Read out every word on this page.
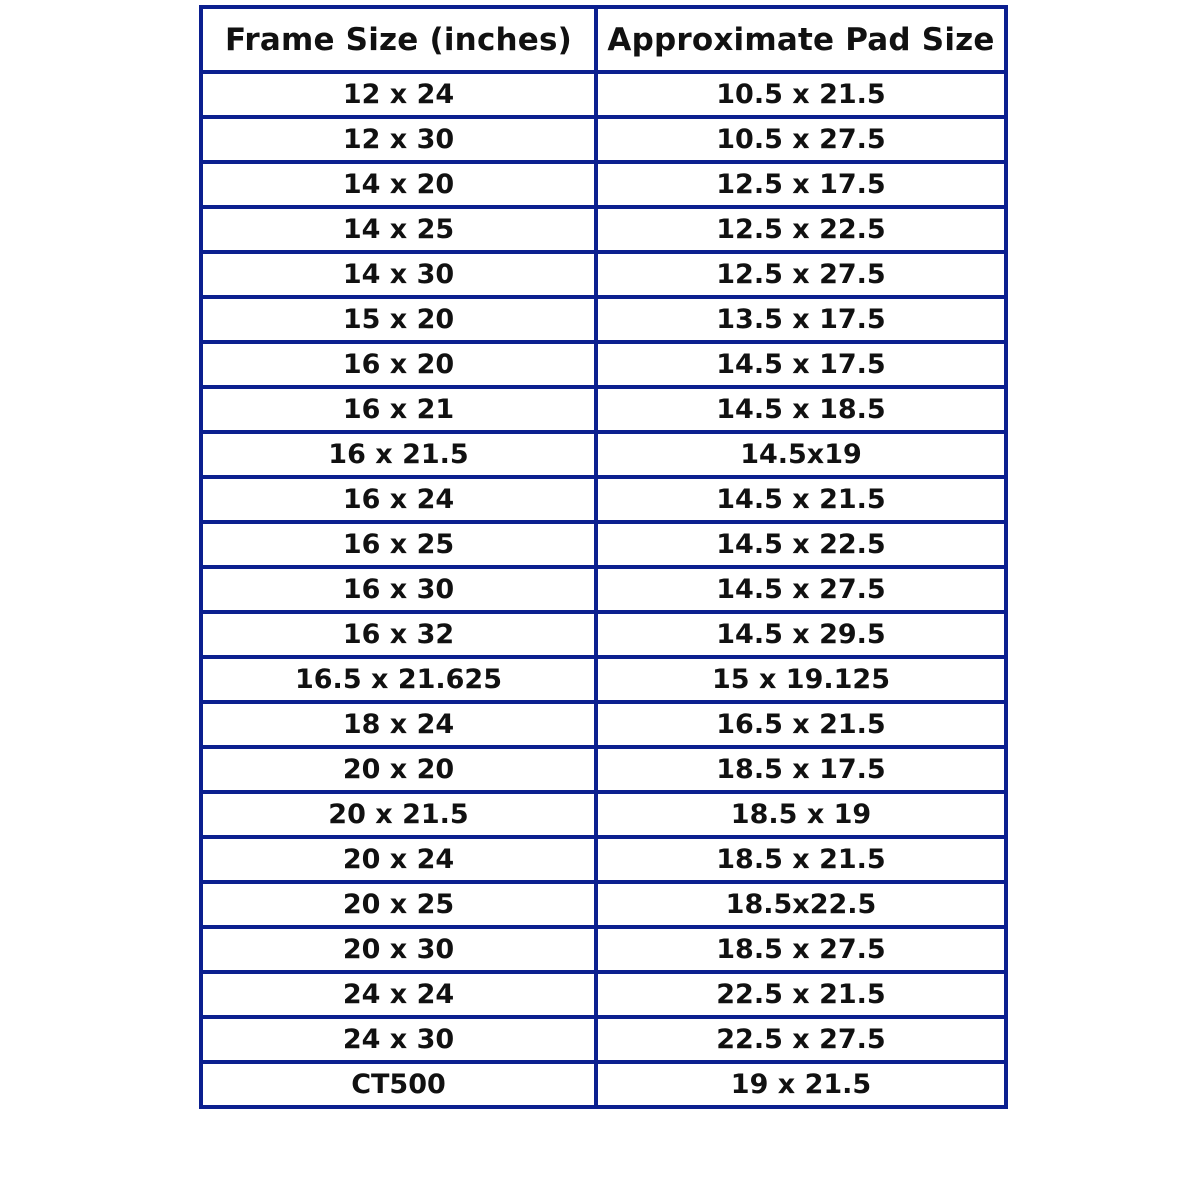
Frame Size (inches)	Approximate Pad Size
12 x 24	10.5 x 21.5
12 x 30	10.5 x 27.5
14 x 20	12.5 x 17.5
14 x 25	12.5 x 22.5
14 x 30	12.5 x 27.5
15 x 20	13.5 x 17.5
16 x 20	14.5 x 17.5
16 x 21	14.5 x 18.5
16 x 21.5	14.5x19
16 x 24	14.5 x 21.5
16 x 25	14.5 x 22.5
16 x 30	14.5 x 27.5
16 x 32	14.5 x 29.5
16.5 x 21.625	15 x 19.125
18 x 24	16.5 x 21.5
20 x 20	18.5 x 17.5
20 x 21.5	18.5 x 19
20 x 24	18.5 x 21.5
20 x 25	18.5x22.5
20 x 30	18.5 x 27.5
24 x 24	22.5 x 21.5
24 x 30	22.5 x 27.5
CT500	19 x 21.5
